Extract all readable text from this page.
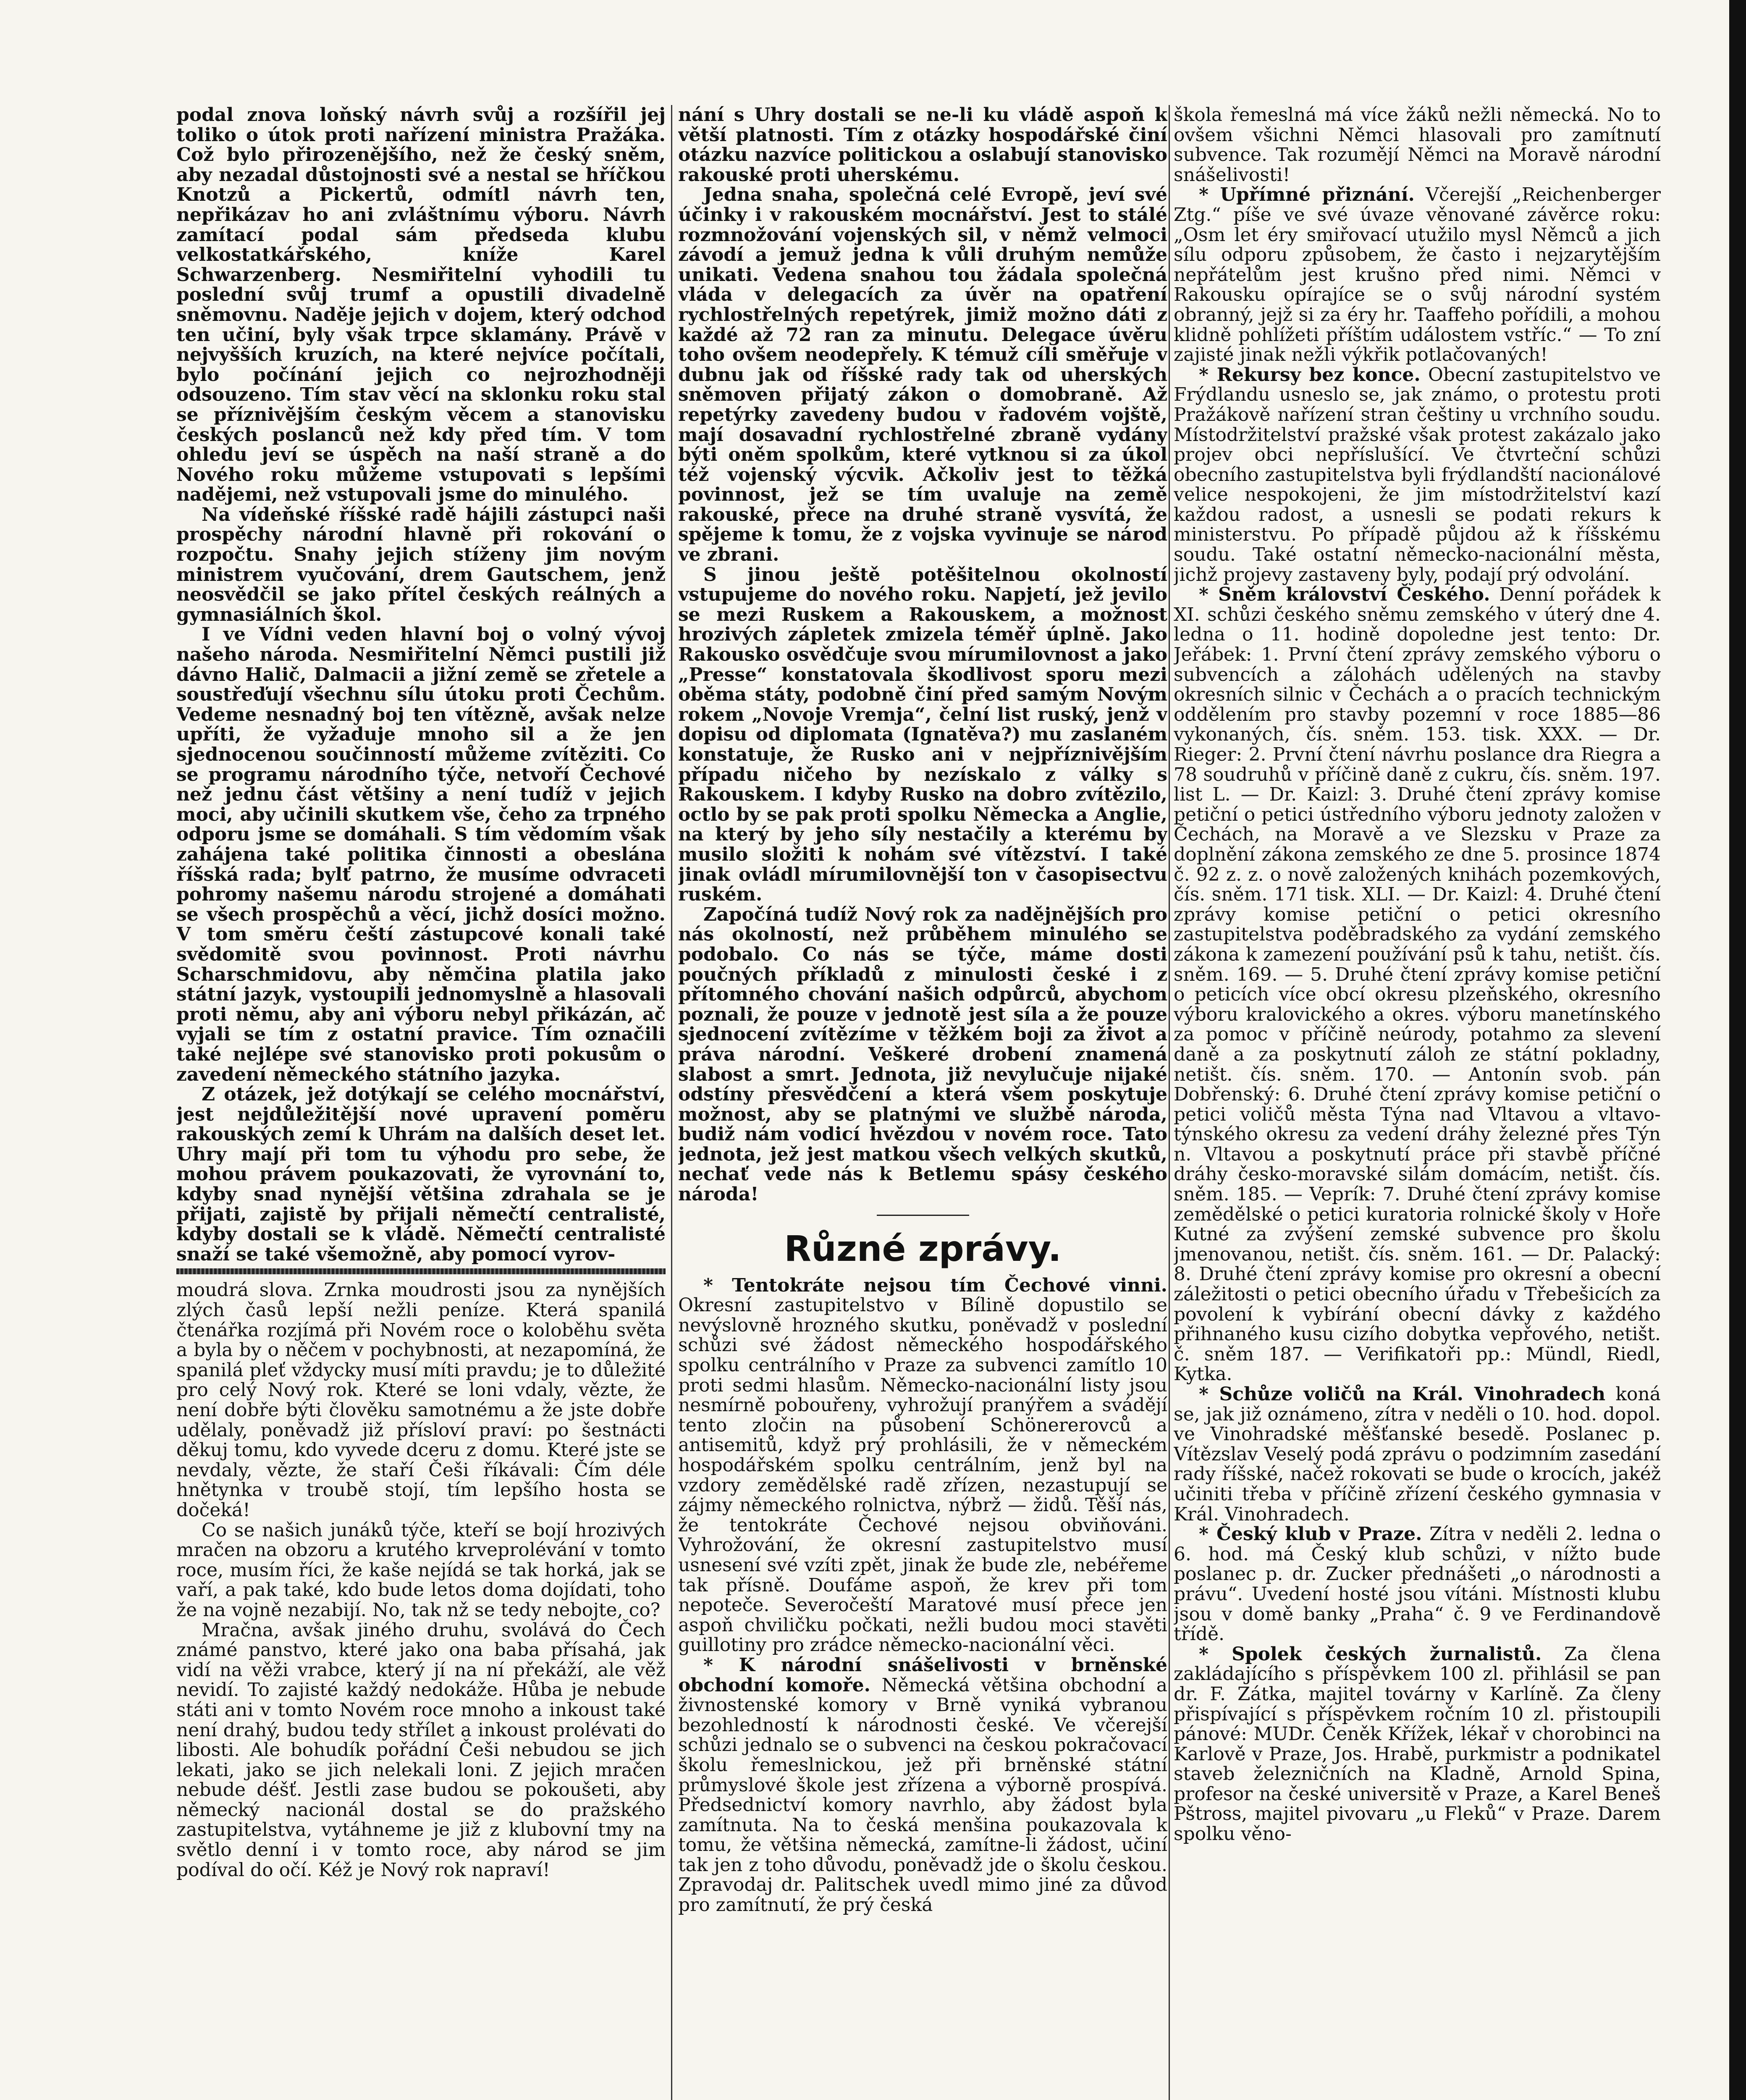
podal znova loňský návrh svůj a rozšířil jej tolikо o útok proti nařízení ministra Pražáka. Což bylo přirozenějšího, než že český sněm, aby nezadal důstojnosti své a nestal se hříčkou Knotzů a Pickertů, odmítl návrh ten, nepřikázav ho ani zvláštnímu výboru. Návrh zamítací podal sám předseda klubu velkostatkářského, kníže Karel Schwarzenberg. Nesmiřitelní vyhodili tu poslední svůj trumf a opustili divadelně sněmovnu. Naděje jejich v dojem, který odchod ten učiní, byly však trpce sklamány. Právě v nejvyšších kruzích, na které nejvíce počítali, bylo počínání jejich co nejrozhodněji odsouzeno. Tím stav věcí na sklonku roku stal se příznivějším českým věcem a stanovisku českých poslanců než kdy před tím. V tom ohledu jeví se úspěch na naší straně a do Nového roku můžeme vstupovati s lepšími nadějemi, než vstupovali jsme do minulého.

Na vídeňské říšské radě hájili zástupci naši prospěchy národní hlavně při rokování o rozpočtu. Snahy jejich stíženy jim novým ministrem vyučování, drem Gautschem, jenž neosvědčil se jako přítel českých reálných a gymnasiálních škol.

I ve Vídni veden hlavní boj o volný vývoj našeho národa. Nesmiřitelní Němci pustili již dávno Halič, Dalmacii a jižní země se zřetele a soustřeďují všechnu sílu útoku proti Čechům. Vedeme nesnadný boj ten vítězně, avšak nelze upříti, že vyžaduje mnoho sil a že jen sjednocenou součinností můžeme zvítěziti. Co se programu národního týče, netvoří Čechové než jednu část většiny a není tudíž v jejich moci, aby učinili skutkem vše, čeho za trpného odporu jsme se domáhali. S tím vědomím však zahájena také politika činnosti a obeslána říšská rada; bylť patrno, že musíme odvraceti pohromy našemu národu strojené a domáhati se všech prospěchů a věcí, jichž dosíci možno. V tom směru čeští zástupcové konali také svědomitě svou povinnost. Proti návrhu Scharschmidovu, aby němčina platila jako státní jazyk, vystoupili jednomyslně a hlasovali proti němu, aby ani výboru nebyl přikázán, ač vyjali se tím z ostatní pravice. Tím označili také nejlépe své stanovisko proti pokusům o zavedení německého státního jazyka.

Z otázek, jež dotýkají se celého mocnářství, jest nejdůležitější nové upravení poměru rakouských zemí k Uhrám na dalších deset let. Uhry mají při tom tu výhodu pro sebe, že mohou právem poukazovati, že vyrovnání to, kdyby snad nynější většina zdrahala se je přijati, zajistě by přijali němečtí centralisté, kdyby dostali se k vládě. Němečtí centralisté snaží se také všemožně, aby pomocí vyrov-

moudrá slova. Zrnka moudrosti jsou za nynějších zlých časů lepší nežli peníze. Která spanilá čtenářka rozjímá při Novém roce o koloběhu světa a byla by o něčem v pochybnosti, at nezapomíná, že spanilá pleť vždycky musí míti pravdu; je to důležité pro celý Nový rok. Které se loni vdaly, vězte, že není dobře býti člověku samotnému a že jste dobře udělaly, poněvadž již přísloví praví: po šestnácti děkuj tomu, kdo vyvede dceru z domu. Které jste se nevdaly, vězte, že staří Češi říkávali: Čím déle hnětynka v troubě stojí, tím lepšího hosta se dočeká!

Co se našich junáků týče, kteří se bojí hrozivých mračen na obzoru a krutého krveprolévání v tomto roce, musím říci, že kaše nejídá se tak horká, jak se vaří, a pak také, kdo bude letos doma dojídati, toho že na vojně nezabijí. No, tak nž se tedy nebojte, co?

Mračna, avšak jiného druhu, svolává do Čech známé panstvo, které jako ona baba přísahá, jak vidí na věži vrabce, který jí na ní překáží, ale věž nevidí. To zajisté každý nedokáže. Hůba je nebude státi ani v tomto Novém roce mnoho a inkoust také není drahý, budou tedy střílet a inkoust prolévati do libosti. Ale bohudík pořádní Češi nebudou se jich lekati, jako se jich nelekali loni. Z jejich mračen nebude déšť. Jestli zase budou se pokoušeti, aby německý nacionál dostal se do pražského zastupitelstva, vytáhneme je již z klubovní tmy na světlo denní i v tomto roce, aby národ se jim podíval do očí. Kéž je Nový rok napraví!

nání s Uhry dostali se ne-li ku vládě aspoň k větší platnosti. Tím z otázky hospodářské činí otázku nazvíce politickou a oslabují stanovisko rakouské proti uherskému.

Jedna snaha, společná celé Evropě, jeví své účinky i v rakouském mocnářství. Jest to stálé rozmnožování vojenských sil, v němž velmoci závodí a jemuž jedna k vůli druhým nemůže unikati. Vedena snahou tou žádala společná vláda v delegacích za úvěr na opatření rychlostřelných repetýrek, jimiž možno dáti z každé až 72 ran za minutu. Delegace úvěru toho ovšem neodepřely. K témuž cíli směřuje v dubnu jak od říšské rady tak od uherských sněmoven přijatý zákon o domobraně. Až repetýrky zavedeny budou v řadovém vojště, mají dosavadní rychlostřelné zbraně vydány býti oněm spolkům, které vytknou si za úkol též vojenský výcvik. Ačkoliv jest to těžká povinnost, jež se tím uvaluje na země rakouské, přece na druhé straně vysvítá, že spějeme k tomu, že z vojska vyvinuje se národ ve zbrani.

S jinou ještě potěšitelnou okolností vstupujeme do nového roku. Napjetí, jež jevilo se mezi Ruskem a Rakouskem, a možnost hrozivých zápletek zmizela téměř úplně. Jako Rakousko osvědčuje svou mírumilovnost a jako „Presse“ konstatovala škodlivost sporu mezi oběma státy, podobně činí před samým Novým rokem „Novoje Vremja“, čelní list ruský, jenž v dopisu od diplomata (Ignatěva?) mu zaslaném konstatuje, že Rusko ani v nejpříznivějším případu ničeho by nezískalo z války s Rakouskem. I kdyby Rusko na dobro zvítězilo, octlo by se pak proti spolku Německa a Anglie, na který by jeho síly nestačily a kterému by musilo složiti k nohám své vítězství. I také jinak ovládl mírumilovnější ton v časopisectvu ruském.

Započíná tudíž Nový rok za nadějnějších pro nás okolností, než průběhem minulého se podobalo. Co nás se týče, máme dosti poučných příkladů z minulosti české i z přítomného chování našich odpůrců, abychom poznali, že pouze v jednotě jest síla a že pouze sjednocení zvítězíme v těžkém boji za život a práva národní. Veškeré drobení znamená slabost a smrt. Jednota, již nevylučuje nijaké odstíny přesvědčení a která všem poskytuje možnost, aby se platnými ve službě národa, budiž nám vodicí hvězdou v novém roce. Tato jednota, jež jest matkou všech velkých skutků, nechať vede nás k Betlemu spásy českého národa!

Různé zprávy.

* Tentokráte nejsou tím Čechové vinni. Okresní zastupitelstvo v Bílině dopustilo se nevýslovně hrozného skutku, poněvadž v poslední schůzi své žádost německého hospodářského spolku centrálního v Praze za subvenci zamítlo 10 proti sedmi hlasům. Německo-nacionální listy jsou nesmírně pobouřeny, vyhrožují pranýřem a svádějí tento zločin na působení Schönererovců a antisemitů, když prý prohlásili, že v německém hospodářském spolku centrálním, jenž byl na vzdory zemědělské radě zřízen, nezastupují se zájmy německého rolnictva, nýbrž — židů. Těší nás, že tentokráte Čechové nejsou obviňováni. Vyhrožování, že okresní zastupitelstvo musí usnesení své vzíti zpět, jinak že bude zle, nebéřeme tak přísně. Doufáme aspoň, že krev při tom nepoteče. Severočeští Maratové musí přece jen aspoň chviličku počkati, nežli budou moci stavěti guillotiny pro zrádce německo-nacionální věci.

* K národní snášelivosti v brněnské obchodní komoře. Německá většina obchodní a živnostenské komory v Brně vyniká vybranou bezohledností k národnosti české. Ve včerejší schůzi jednalo se o subvenci na českou pokračovací školu řemeslnickou, jež při brněnské státní průmyslové škole jest zřízena a výborně prospívá. Předsednictví komory navrhlo, aby žádost byla zamítnuta. Na to česká menšina poukazovala k tomu, že většina německá, zamítne-li žádost, učiní tak jen z toho důvodu, poněvadž jde o školu českou. Zpravodaj dr. Palitschek uvedl mimo jiné za důvod pro zamítnutí, že prý česká

škola řemeslná má více žáků nežli německá. No to ovšem všichni Němci hlasovali pro zamítnutí subvence. Tak rozumějí Němci na Moravě národní snášelivosti!

* Upřímné přiznání. Včerejší „Reichenberger Ztg.“ píše ve své úvaze věnované závěrce roku: „Osm let éry smiřovací utužilo mysl Němců a jich sílu odporu způsobem, že často i nejzarytějším nepřátelům jest krušno před nimi. Němci v Rakousku opírajíce se o svůj národní systém obranný, jejž si za éry hr. Taaffeho pořídili, a mohou klidně pohlížeti příštím událostem vstříc.“ — To zní zajisté jinak nežli výkřik potlačovaných!

* Rekursy bez konce. Obecní zastupitelstvo ve Frýdlandu usneslo se, jak známo, o protestu proti Pražákově nařízení stran češtiny u vrchního soudu. Místodržitelství pražské však protest zakázalo jako projev obci nepříslušící. Ve čtvrteční schůzi obecního zastupitelstva byli frýdlandští nacionálové velice nespokojeni, že jim místodržitelství kazí každou radost, a usnesli se podati rekurs k ministerstvu. Po případě půjdou až k říšskému soudu. Také ostatní německo-nacionální města, jichž projevy zastaveny byly, podají prý odvolání.

* Sněm království Českého. Denní pořádek k XI. schůzi českého sněmu zemského v úterý dne 4. ledna o 11. hodině dopoledne jest tento: Dr. Jeřábek: 1. První čtení zprávy zemského výboru o subvencích a zálohách udělených na stavby okresních silnic v Čechách a o pracích technickým oddělením pro stavby pozemní v roce 1885—86 vykonaných, čís. sněm. 153. tisk. XXX. — Dr. Rieger: 2. První čtení návrhu poslance dra Riegra a 78 soudruhů v příčině daně z cukru, čís. sněm. 197. list L. — Dr. Kaizl: 3. Druhé čtení zprávy komise petiční o petici ústředního výboru jednoty založen v Čechách, na Moravě a ve Slezsku v Praze za doplnění zákona zemského ze dne 5. prosince 1874 č. 92 z. z. o nově založených knihách pozemkových, čís. sněm. 171 tisk. XLI. — Dr. Kaizl: 4. Druhé čtení zprávy komise petiční o petici okresního zastupitelstva poděbradského za vydání zemského zákona k zamezení používání psů k tahu, netišt. čís. sněm. 169. — 5. Druhé čtení zprávy komise petiční o peticích více obcí okresu plzeňského, okresního výboru kralovického a okres. výboru manetínského za pomoc v příčině neúrody, potahmo za slevení daně a za poskytnutí záloh ze státní pokladny, netišt. čís. sněm. 170. — Antonín svob. pán Dobřenský: 6. Druhé čtení zprávy komise petiční o petici voličů města Týna nad Vltavou a vltavo-týnského okresu za vedení dráhy železné přes Týn n. Vltavou a poskytnutí práce při stavbě příčné dráhy česko-moravské silám domácím, netišt. čís. sněm. 185. — Veprík: 7. Druhé čtení zprávy komise zemědělské o petici kuratoria rolnické školy v Hoře Kutné za zvýšení zemské subvence pro školu jmenovanou, netišt. čís. sněm. 161. — Dr. Palacký: 8. Druhé čtení zprávy komise pro okresní a obecní záležitosti o petici obecního úřadu v Třebešicích za povolení k vybírání obecní dávky z každého přihnaného kusu cizího dobytka vepřového, netišt. č. sněm 187. — Verifikatoři pp.: Mündl, Riedl, Kytka.

* Schůze voličů na Král. Vinohradech koná se, jak již oznámeno, zítra v neděli o 10. hod. dopol. ve Vinohradské měšťanské besedě. Poslanec p. Vítězslav Veselý podá zprávu o podzimním zasedání rady říšské, načež rokovati se bude o krocích, jakéž učiniti třeba v příčině zřízení českého gymnasia v Král. Vinohradech.

* Český klub v Praze. Zítra v neděli 2. ledna o 6. hod. má Český klub schůzi, v nížto bude poslanec p. dr. Zucker přednášeti „o národnosti a právu“. Uvedení hosté jsou vítáni. Místnosti klubu jsou v domě banky „Praha“ č. 9 ve Ferdinandově třídě.

* Spolek českých žurnalistů. Za člena zakládajícího s příspěvkem 100 zl. přihlásil se pan dr. F. Zátka, majitel továrny v Karlíně. Za členy přispívající s příspěvkem ročním 10 zl. přistoupili pánové: MUDr. Čeněk Křížek, lékař v chorobinci na Karlově v Praze, Jos. Hrabě, purkmistr a podnikatel staveb železničních na Kladně, Arnold Spina, profesor na české universitě v Praze, a Karel Beneš Pštross, majitel pivovaru „u Fleků“ v Praze. Darem spolku věno-
